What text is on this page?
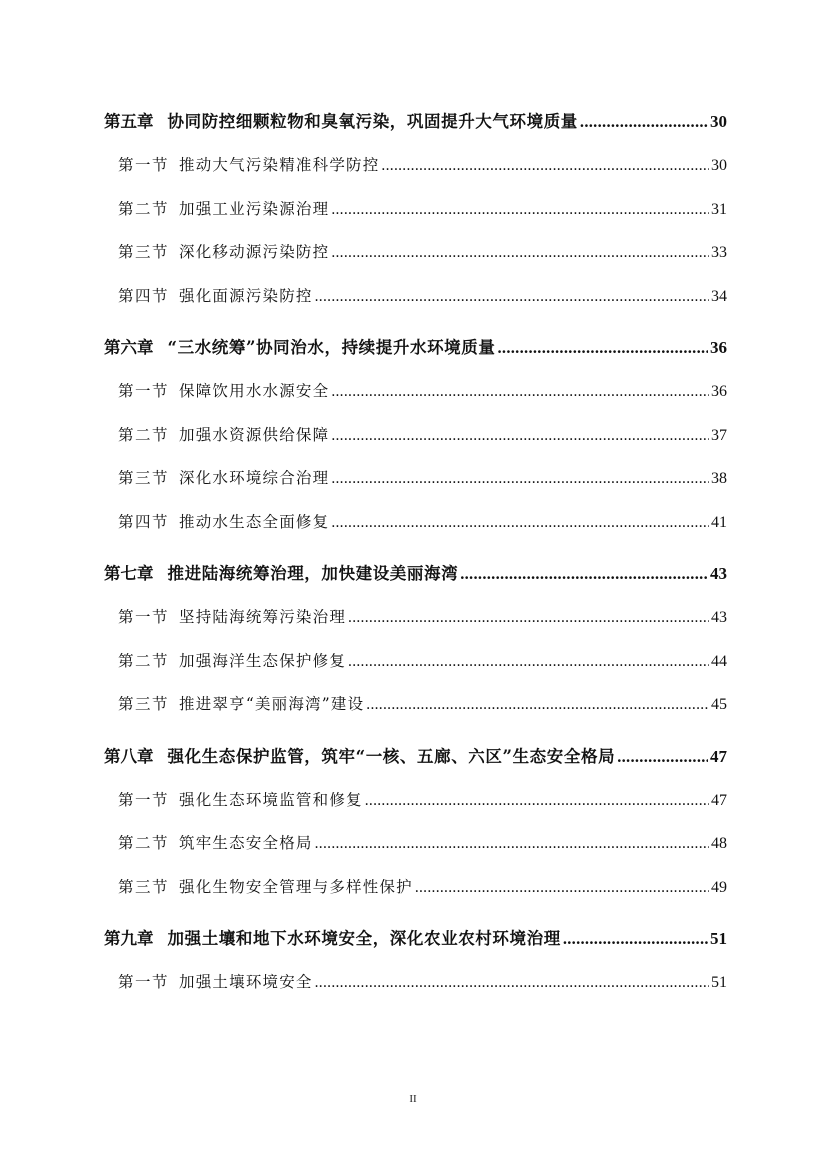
第五章 协同防控细颗粒物和臭氧污染，巩固提升大气环境质量 .....	30
第一节 推动大气污染精准科学防控 .....	30
第二节 加强工业污染源治理 .....	31
第三节 深化移动源污染防控 .....	33
第四节 强化面源污染防控 .....	34
第六章 “三水统筹”协同治水，持续提升水环境质量 .....	36
第一节 保障饮用水水源安全 .....	36
第二节 加强水资源供给保障 .....	37
第三节 深化水环境综合治理 .....	38
第四节 推动水生态全面修复 .....	41
第七章 推进陆海统筹治理，加快建设美丽海湾 .....	43
第一节 坚持陆海统筹污染治理 .....	43
第二节 加强海洋生态保护修复 .....	44
第三节 推进翠亨“美丽海湾”建设 .....	45
第八章 强化生态保护监管，筑牢“一核、五廊、六区”生态安全格局 .....	47
第一节 强化生态环境监管和修复 .....	47
第二节 筑牢生态安全格局 .....	48
第三节 强化生物安全管理与多样性保护 .....	49
第九章 加强土壤和地下水环境安全，深化农业农村环境治理 .....	51
第一节 加强土壤环境安全 .....	51
II
